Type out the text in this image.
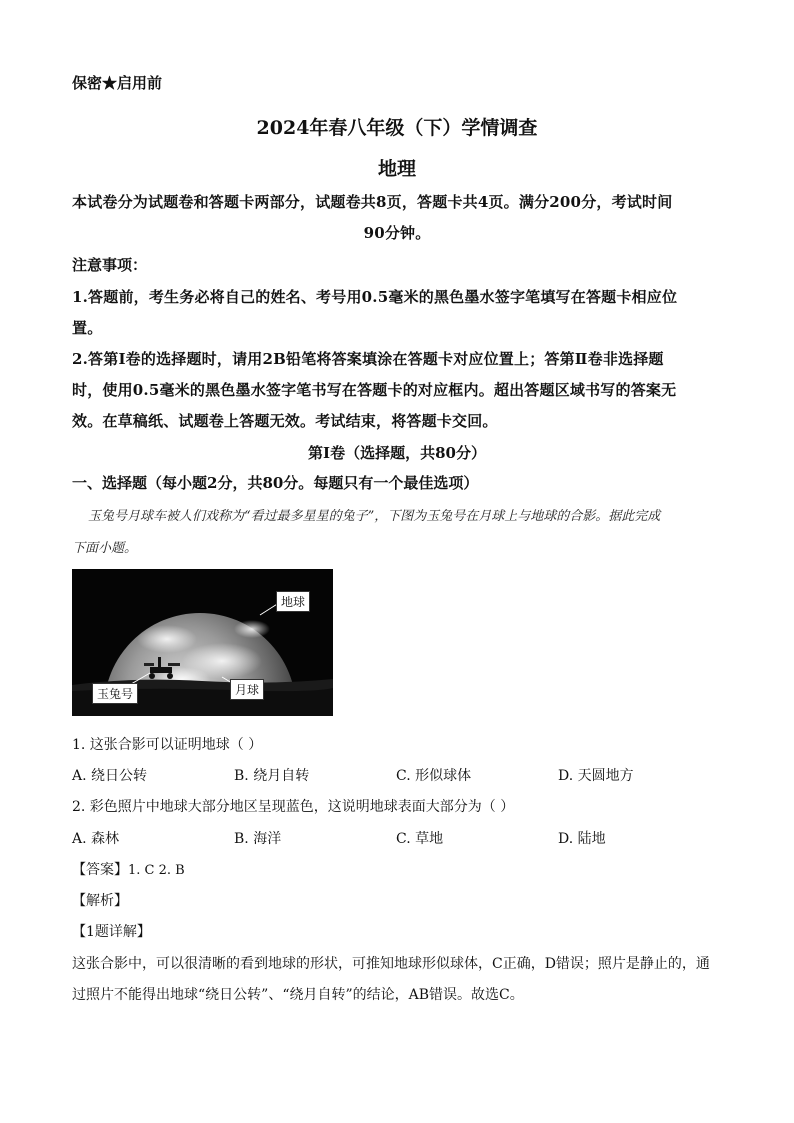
保密★启用前
2024年春八年级（下）学情调查
地理
本试卷分为试题卷和答题卡两部分，试题卷共8页，答题卡共4页。满分200分，考试时间
90分钟。
注意事项：
1.答题前，考生务必将自己的姓名、考号用0.5毫米的黑色墨水签字笔填写在答题卡相应位
置。
2.答第Ⅰ卷的选择题时，请用2B铅笔将答案填涂在答题卡对应位置上；答第Ⅱ卷非选择题
时，使用0.5毫米的黑色墨水签字笔书写在答题卡的对应框内。超出答题区域书写的答案无
效。在草稿纸、试题卷上答题无效。考试结束，将答题卡交回。
第Ⅰ卷（选择题，共80分）
一、选择题（每小题2分，共80分。每题只有一个最佳选项）
玉兔号月球车被人们戏称为“看过最多星星的兔子”，下图为玉兔号在月球上与地球的合影。据此完成
下面小题。
地球
月球
玉兔号
1. 这张合影可以证明地球（ ）
A. 绕日公转	B. 绕月自转	C. 形似球体	D. 天圆地方
2. 彩色照片中地球大部分地区呈现蓝色，这说明地球表面大部分为（ ）
A. 森林	B. 海洋	C. 草地	D. 陆地
【答案】1. C 2. B
【解析】
【1题详解】
这张合影中，可以很清晰的看到地球的形状，可推知地球形似球体，C正确，D错误；照片是静止的，通
过照片不能得出地球“绕日公转”、“绕月自转”的结论，AB错误。故选C。
